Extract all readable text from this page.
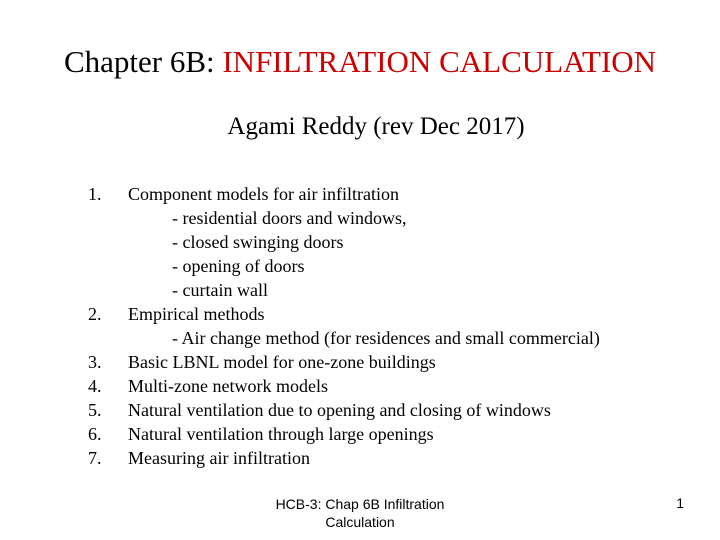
Chapter 6B: INFILTRATION CALCULATION
Agami Reddy (rev Dec 2017)
1.	Component models for air infiltration
- residential doors and windows,
- closed swinging doors
- opening of doors
- curtain wall
2.	Empirical methods
- Air change method (for residences and small commercial)
3.	Basic LBNL model for one-zone buildings
4.	Multi-zone network models
5.	Natural ventilation due to opening and closing of windows
6.	Natural ventilation through large openings
7.	Measuring air infiltration
HCB-3: Chap 6B Infiltration
Calculation
1
